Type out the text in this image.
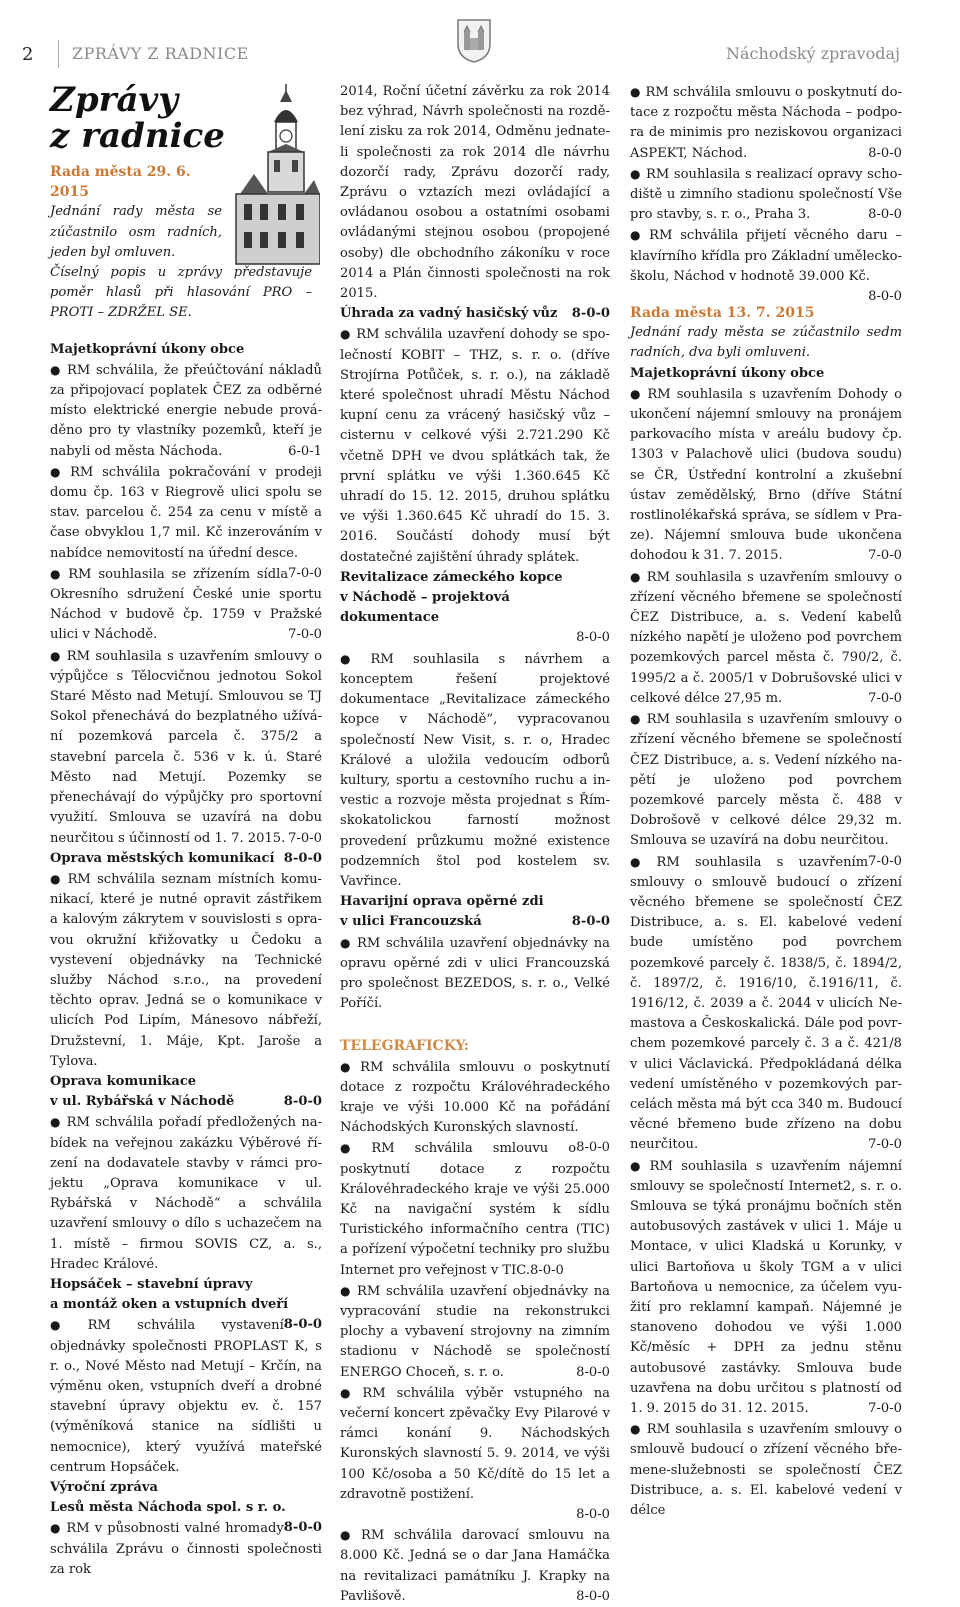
2 ZPRÁVY Z RADNICE	Náchodský zpravodaj
Zprávy
z radnice
Rada města 29. 6. 2015

Jednání rady města se zúčastnilo osm radních, jeden byl omluven.

Číselný popis u zprávy představuje poměr hlasů při hlasování PRO – PROTI – ZDRŽEL SE.

Majetkoprávní úkony obce

● RM schválila, že přeúčtování nákladů za připojovací poplatek ČEZ za odběrné místo elektrické energie nebude prováděno pro ty vlastníky pozemků, kteří je nabyli od města Náchoda.	6-0-1

● RM schválila pokračování v prodeji domu čp. 163 v Riegrově ulici spolu se stav. parcelou č. 254 za cenu v místě a čase obvyklou 1,7 mil. Kč inzerováním v nabídce nemovitostí na úřední desce.
7-0-0

● RM souhlasila se zřízením sídla Okresního sdružení České unie sportu Náchod v budově čp. 1759 v Pražské ulici v Náchodě.	7-0-0

● RM souhlasila s uzavřením smlouvy o výpůjčce s Tělocvičnou jednotou Sokol Staré Město nad Metují. Smlouvou se TJ Sokol přenechává do bezplatného užívání pozemková parcela č. 375/2 a stavební parcela č. 536 v k. ú. Staré Město nad Metují. Pozemky se přenechávají do výpůjčky pro sportovní využití. Smlouva se uzavírá na dobu neurčitou s účinností od 1. 7. 2015. 7-0-0

Oprava městských komunikací 8-0-0

● RM schválila seznam místních komunikací, které je nutné opravit zástřikem a kalovým zákrytem v souvislosti s opravou okružní křižovatky u Čedoku a vystevení objednávky na Technické služby Náchod s.r.o., na provedení těchto oprav. Jedná se o komunikace v ulicích Pod Lipím, Mánesovo nábřeží, Družstevní, 1. Máje, Kpt. Jaroše a Tylova.

Oprava komunikace
v ul. Rybářská v Náchodě	8-0-0

● RM schválila pořadí předložených nabídek na veřejnou zakázku Výběrové řízení na dodavatele stavby v rámci projektu „Oprava komunikace v ul. Rybářská v Náchodě“ a schválila uzavření smlouvy o dílo s uchazečem na 1. místě – firmou SOVIS CZ, a. s., Hradec Králové.

Hopsáček – stavební úpravy
a montáž oken a vstupních dveří
8-0-0

● RM schválila vystavení objednávky společnosti PROPLAST K, s r. o., Nové Město nad Metují – Krčín, na výměnu oken, vstupních dveří a drobné stavební úpravy objektu ev. č. 157 (výměníková stanice na sídlišti u nemocnice), který využívá mateřské centrum Hopsáček.

Výroční zpráva
Lesů města Náchoda spol. s r. o.
8-0-0

● RM v působnosti valné hromady schválila Zprávu o činnosti společnosti za rok

2014, Roční účetní závěrku za rok 2014 bez výhrad, Návrh společnosti na rozdělení zisku za rok 2014, Odměnu jednateli společnosti za rok 2014 dle návrhu dozorčí rady, Zprávu dozorčí rady, Zprávu o vztazích mezi ovládající a ovládanou osobou a ostatními osobami ovládanými stejnou osobou (propojené osoby) dle obchodního zákoníku v roce 2014 a Plán činnosti společnosti na rok 2015.

Úhrada za vadný hasičský vůz 8-0-0

● RM schválila uzavření dohody se společností KOBIT – THZ, s. r. o. (dříve Strojírna Potůček, s. r. o.), na základě které společnost uhradí Městu Náchod kupní cenu za vrácený hasičský vůz – cisternu v celkové výši 2.721.290 Kč včetně DPH ve dvou splátkách tak, že první splátku ve výši 1.360.645 Kč uhradí do 15. 12. 2015, druhou splátku ve výši 1.360.645 Kč uhradí do 15. 3. 2016. Součástí dohody musí být dostatečné zajištění úhrady splátek.

Revitalizace zámeckého kopce
v Náchodě – projektová dokumentace
8-0-0

● RM souhlasila s návrhem a konceptem řešení projektové dokumentace „Revitalizace zámeckého kopce v Náchodě“, vypracovanou společností New Visit, s. r. o, Hradec Králové a uložila vedoucím odborů kultury, sportu a cestovního ruchu a investic a rozvoje města projednat s Římskokatolickou farností možnost provedení průzkumu možné existence podzemních štol pod kostelem sv. Vavřince.

Havarijní oprava opěrné zdi
v ulici Francouzská	8-0-0

● RM schválila uzavření objednávky na opravu opěrné zdi v ulici Francouzská pro společnost BEZEDOS, s. r. o., Velké Poříčí.

TELEGRAFICKY:

● RM schválila smlouvu o poskytnutí dotace z rozpočtu Královéhradeckého kraje ve výši 10.000 Kč na pořádání Náchodských Kuronských slavností.
8-0-0

● RM schválila smlouvu o poskytnutí dotace z rozpočtu Královéhradeckého kraje ve výši 25.000 Kč na navigační systém k sídlu Turistického informačního centra (TIC) a pořízení výpočetní techniky pro službu Internet pro veřejnost v TIC.8-0-0

● RM schválila uzavření objednávky na vypracování studie na rekonstrukci plochy a vybavení strojovny na zimním stadionu v Náchodě se společností ENERGO Choceň, s. r. o.	8-0-0

● RM schválila výběr vstupného na večerní koncert zpěvačky Evy Pilarové v rámci konání 9. Náchodských Kuronských slavností 5. 9. 2014, ve výši 100 Kč/osoba a 50 Kč/dítě do 15 let a zdravotně postižení.

8-0-0

● RM schválila darovací smlouvu na 8.000 Kč. Jedná se o dar Jana Hamáčka na revitalizaci památníku J. Krapky na Pavlišově.	8-0-0

● RM schválila smlouvu o poskytnutí dotace z rozpočtu města Náchoda – podpora de minimis pro neziskovou organizaci ASPEKT, Náchod.	8-0-0

● RM souhlasila s realizací opravy schodiště u zimního stadionu společností Vše pro stavby, s. r. o., Praha 3.	8-0-0

● RM schválila přijetí věcného daru – klavírního křídla pro Základní umělecko školu, Náchod v hodnotě 39.000 Kč.
8-0-0

Rada města 13. 7. 2015

Jednání rady města se zúčastnilo sedm radních, dva byli omluveni.

Majetkoprávní úkony obce

● RM souhlasila s uzavřením Dohody o ukončení nájemní smlouvy na pronájem parkovacího místa v areálu budovy čp. 1303 v Palachově ulici (budova soudu) se ČR, Ústřední kontrolní a zkušební ústav zemědělský, Brno (dříve Státní rostlinolékařská správa, se sídlem v Praze). Nájemní smlouva bude ukončena dohodou k 31. 7. 2015.	7-0-0

● RM souhlasila s uzavřením smlouvy o zřízení věcného břemene se společností ČEZ Distribuce, a. s. Vedení kabelů nízkého napětí je uloženo pod povrchem pozemkových parcel města č. 790/2, č. 1995/2 a č. 2005/1 v Dobrušovské ulici v celkové délce 27,95 m.	7-0-0

● RM souhlasila s uzavřením smlouvy o zřízení věcného břemene se společností ČEZ Distribuce, a. s. Vedení nízkého napětí je uloženo pod povrchem pozemkové parcely města č. 488 v Dobrošově v celkové délce 29,32 m. Smlouva se uzavírá na dobu neurčitou.
7-0-0

● RM souhlasila s uzavřením smlouvy o smlouvě budoucí o zřízení věcného břemene se společností ČEZ Distribuce, a. s. El. kabelové vedení bude umístěno pod povrchem pozemkové parcely č. 1838/5, č. 1894/2, č. 1897/2, č. 1916/10, č.1916/11, č. 1916/12, č. 2039 a č. 2044 v ulicích Nemastova a Českoskalická. Dále pod povrchem pozemkové parcely č. 3 a č. 421/8 v ulici Václavická. Předpokládaná délka vedení umístěného v pozemkových parcelách města má být cca 340 m. Budoucí věcné břemeno bude zřízeno na dobu neurčitou.	7-0-0

● RM souhlasila s uzavřením nájemní smlouvy se společností Internet2, s. r. o. Smlouva se týká pronájmu bočních stěn autobusových zastávek v ulici 1. Máje u Montace, v ulici Kladská u Korunky, v ulici Bartoňova u školy TGM a v ulici Bartoňova u nemocnice, za účelem využití pro reklamní kampaň. Nájemné je stanoveno dohodou ve výši 1.000 Kč/měsíc + DPH za jednu stěnu autobusové zastávky. Smlouva bude uzavřena na dobu určitou s platností od 1. 9. 2015 do 31. 12. 2015.	7-0-0

● RM souhlasila s uzavřením smlouvy o smlouvě budoucí o zřízení věcného břemene-služebnosti se společností ČEZ Distribuce, a. s. El. kabelové vedení v délce
